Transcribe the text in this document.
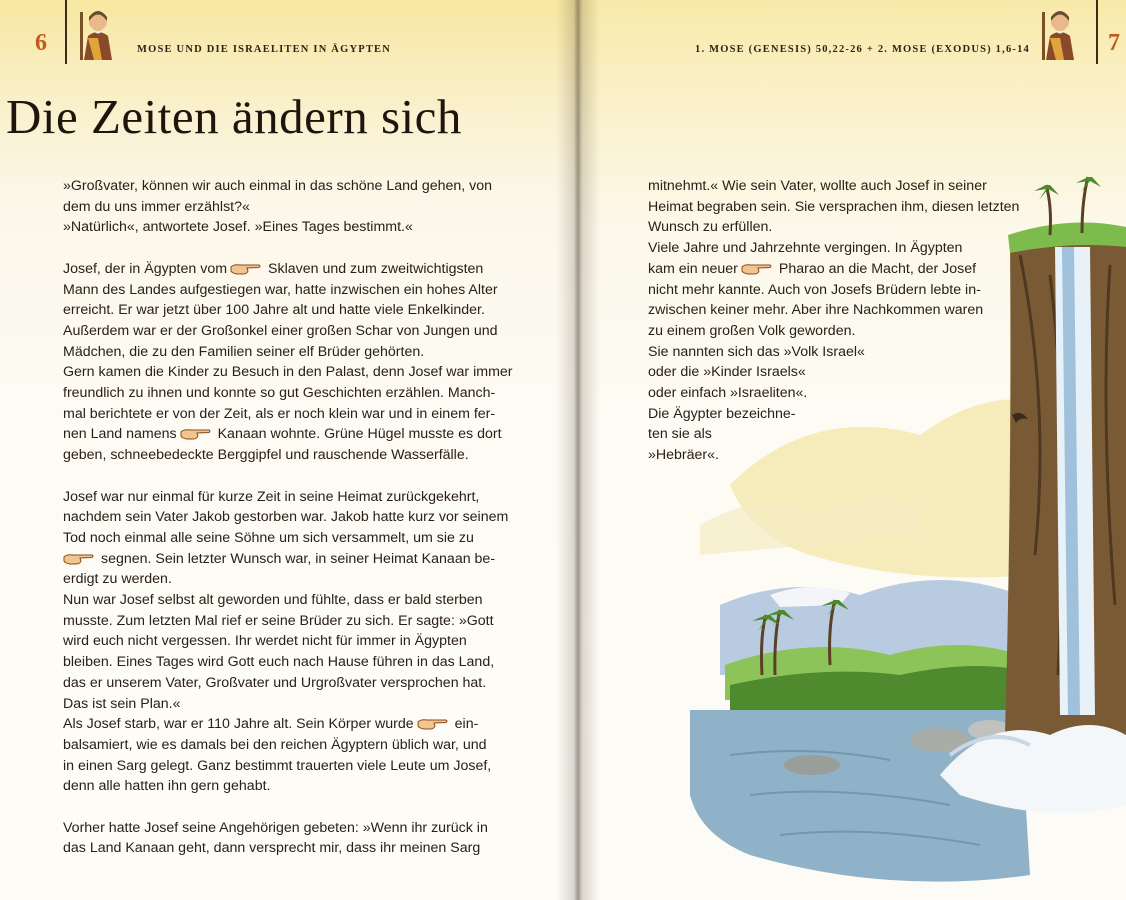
6	MOSE UND DIE ISRAELITEN IN ÄGYPTEN
Die Zeiten ändern sich

»Großvater, können wir auch einmal in das schöne Land gehen, von

dem du uns immer erzählst?«

»Natürlich«, antwortete Josef. »Eines Tages bestimmt.«

Josef, der in Ägypten vom	Sklaven und zum zweitwichtigsten

Mann des Landes aufgestiegen war, hatte inzwischen ein hohes Alter

erreicht. Er war jetzt über 100 Jahre alt und hatte viele Enkelkinder.

Außerdem war er der Großonkel einer großen Schar von Jungen und

Mädchen, die zu den Familien seiner elf Brüder gehörten.

Gern kamen die Kinder zu Besuch in den Palast, denn Josef war immer

freundlich zu ihnen und konnte so gut Geschichten erzählen. Manch-

mal berichtete er von der Zeit, als er noch klein war und in einem fer-

nen Land namens	Kanaan wohnte. Grüne Hügel musste es dort

geben, schneebedeckte Berggipfel und rauschende Wasserfälle.

Josef war nur einmal für kurze Zeit in seine Heimat zurückgekehrt,

nachdem sein Vater Jakob gestorben war. Jakob hatte kurz vor seinem

Tod noch einmal alle seine Söhne um sich versammelt, um sie zu

segnen. Sein letzter Wunsch war, in seiner Heimat Kanaan be-

erdigt zu werden.

Nun war Josef selbst alt geworden und fühlte, dass er bald sterben

musste. Zum letzten Mal rief er seine Brüder zu sich. Er sagte: »Gott

wird euch nicht vergessen. Ihr werdet nicht für immer in Ägypten

bleiben. Eines Tages wird Gott euch nach Hause führen in das Land,

das er unserem Vater, Großvater und Urgroßvater versprochen hat.

Das ist sein Plan.«

Als Josef starb, war er 110 Jahre alt. Sein Körper wurde	ein-

balsamiert, wie es damals bei den reichen Ägyptern üblich war, und

in einen Sarg gelegt. Ganz bestimmt trauerten viele Leute um Josef,

denn alle hatten ihn gern gehabt.

Vorher hatte Josef seine Angehörigen gebeten: »Wenn ihr zurück in

das Land Kanaan geht, dann versprecht mir, dass ihr meinen Sarg

1. MOSE (GENESIS) 50,22-26 + 2. MOSE (EXODUS) 1,6-14	7

mitnehmt.« Wie sein Vater, wollte auch Josef in seiner

Heimat begraben sein. Sie versprachen ihm, diesen letzten

Wunsch zu erfüllen.

Viele Jahre und Jahrzehnte vergingen. In Ägypten

kam ein neuer	Pharao an die Macht, der Josef

nicht mehr kannte. Auch von Josefs Brüdern lebte in-

zwischen keiner mehr. Aber ihre Nachkommen waren

zu einem großen Volk geworden.

Sie nannten sich das »Volk Israel«

oder die »Kinder Israels«

oder einfach »Israeliten«.

Die Ägypter bezeichne-

ten sie als

»Hebräer«.
